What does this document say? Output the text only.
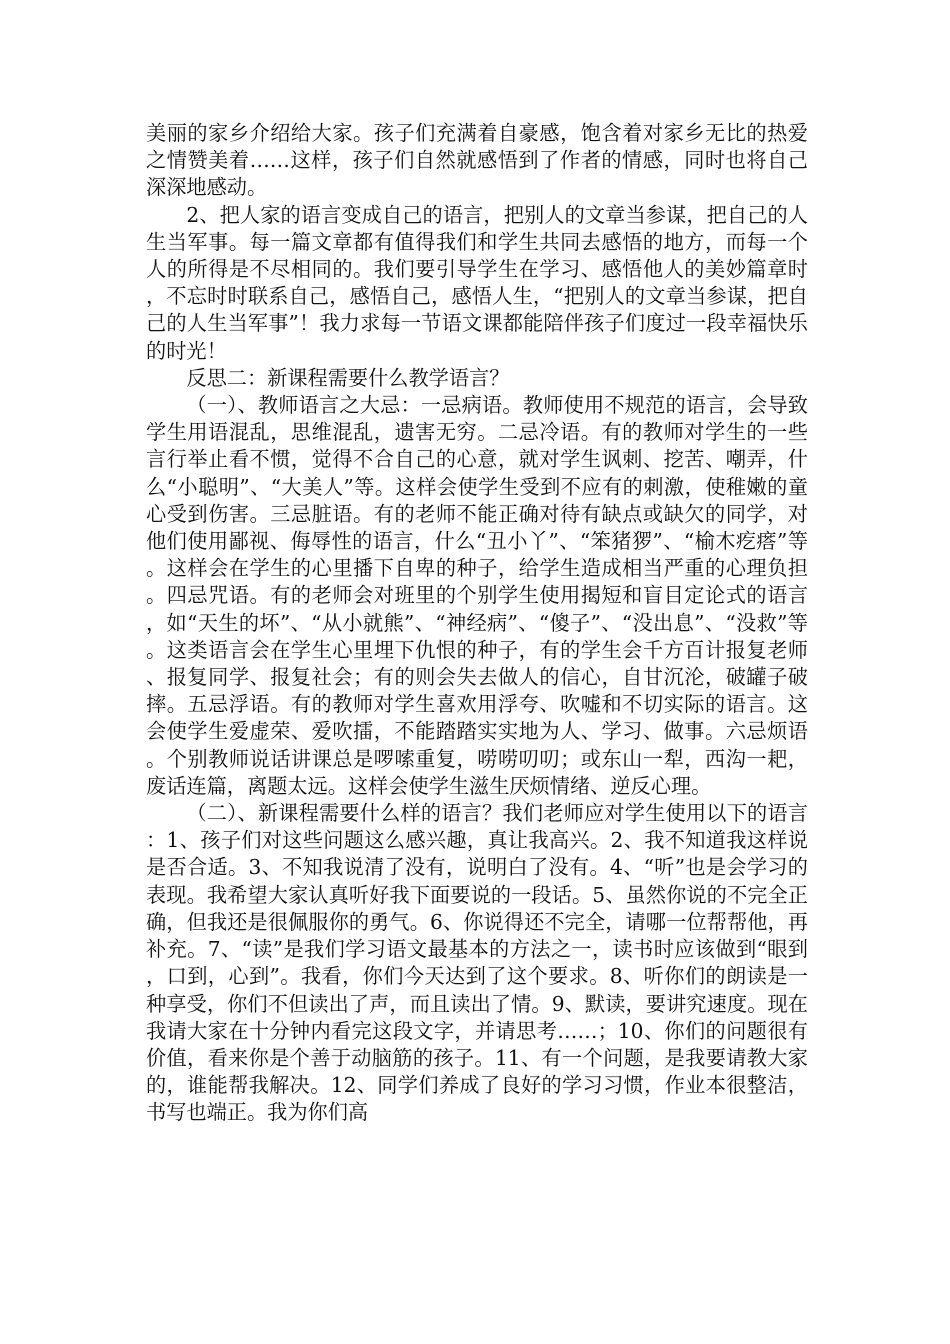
美丽的家乡介绍给大家。孩子们充满着自豪感，饱含着对家乡无比的热爱之情赞美着……这样，孩子们自然就感悟到了作者的情感，同时也将自己深深地感动。

2、把人家的语言变成自己的语言，把别人的文章当参谋，把自己的人生当军事。每一篇文章都有值得我们和学生共同去感悟的地方，而每一个人的所得是不尽相同的。我们要引导学生在学习、感悟他人的美妙篇章时，不忘时时联系自己，感悟自己，感悟人生，“把别人的文章当参谋，把自己的人生当军事”！我力求每一节语文课都能陪伴孩子们度过一段幸福快乐的时光！

反思二：新课程需要什么教学语言？

（一）、教师语言之大忌：一忌病语。教师使用不规范的语言，会导致学生用语混乱，思维混乱，遗害无穷。二忌冷语。有的教师对学生的一些言行举止看不惯，觉得不合自己的心意，就对学生讽刺、挖苦、嘲弄，什么“小聪明”、“大美人”等。这样会使学生受到不应有的刺激，使稚嫩的童心受到伤害。三忌脏语。有的老师不能正确对待有缺点或缺欠的同学，对他们使用鄙视、侮辱性的语言，什么“丑小丫”、“笨猪猡”、“榆木疙瘩”等。这样会在学生的心里播下自卑的种子，给学生造成相当严重的心理负担。四忌咒语。有的老师会对班里的个别学生使用揭短和盲目定论式的语言，如“天生的坏”、“从小就熊”、“神经病”、“傻子”、“没出息”、“没救”等。这类语言会在学生心里埋下仇恨的种子，有的学生会千方百计报复老师、报复同学、报复社会；有的则会失去做人的信心，自甘沉沦，破罐子破摔。五忌浮语。有的教师对学生喜欢用浮夸、吹嘘和不切实际的语言。这会使学生爱虚荣、爱吹擂，不能踏踏实实地为人、学习、做事。六忌烦语。个别教师说话讲课总是啰嗦重复，唠唠叨叨；或东山一犁，西沟一耙，废话连篇，离题太远。这样会使学生滋生厌烦情绪、逆反心理。

（二）、新课程需要什么样的语言？我们老师应对学生使用以下的语言：1、孩子们对这些问题这么感兴趣，真让我高兴。2、我不知道我这样说是否合适。3、不知我说清了没有，说明白了没有。4、“听”也是会学习的表现。我希望大家认真听好我下面要说的一段话。5、虽然你说的不完全正确，但我还是很佩服你的勇气。6、你说得还不完全，请哪一位帮帮他，再补充。7、“读”是我们学习语文最基本的方法之一，读书时应该做到“眼到，口到，心到”。我看，你们今天达到了这个要求。8、听你们的朗读是一种享受，你们不但读出了声，而且读出了情。9、默读，要讲究速度。现在我请大家在十分钟内看完这段文字，并请思考……；10、你们的问题很有价值，看来你是个善于动脑筋的孩子。11、有一个问题，是我要请教大家的，谁能帮我解决。12、同学们养成了良好的学习习惯，作业本很整洁，书写也端正。我为你们高
